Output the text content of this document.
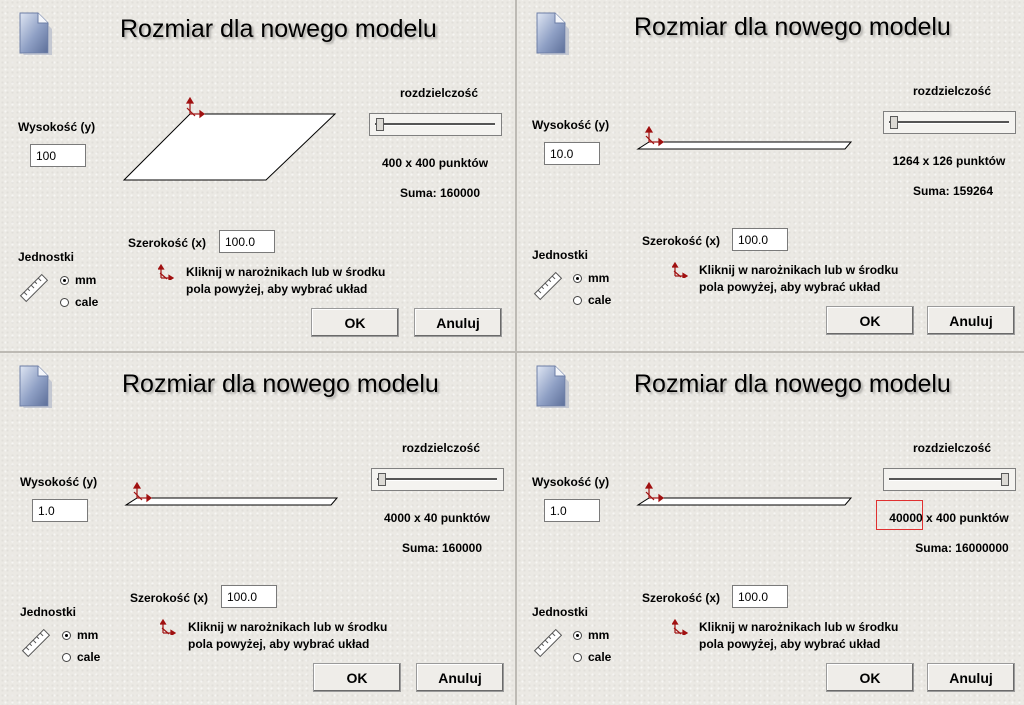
Rozmiar dla nowego modelu
Wysokość (y)
100
rozdzielczość
400 x 400 punktów
Suma: 160000
Szerokość (x)
100.0
Jednostki
mm
cale
Kliknij w narożnikach lub w środku
pola powyżej, aby wybrać układ
OK	Anuluj
Rozmiar dla nowego modelu
Wysokość (y)
10.0
rozdzielczość
1264 x 126 punktów
Suma: 159264
Szerokość (x)
100.0
Jednostki
mm
cale
Kliknij w narożnikach lub w środku
pola powyżej, aby wybrać układ
OK	Anuluj
Rozmiar dla nowego modelu
Wysokość (y)
1.0
rozdzielczość
4000 x 40 punktów
Suma: 160000
Szerokość (x)
100.0
Jednostki
mm
cale
Kliknij w narożnikach lub w środku
pola powyżej, aby wybrać układ
OK	Anuluj
Rozmiar dla nowego modelu
Wysokość (y)
1.0
rozdzielczość
40000 x 400 punktów
Suma: 16000000
Szerokość (x)
100.0
Jednostki
mm
cale
Kliknij w narożnikach lub w środku
pola powyżej, aby wybrać układ
OK	Anuluj
